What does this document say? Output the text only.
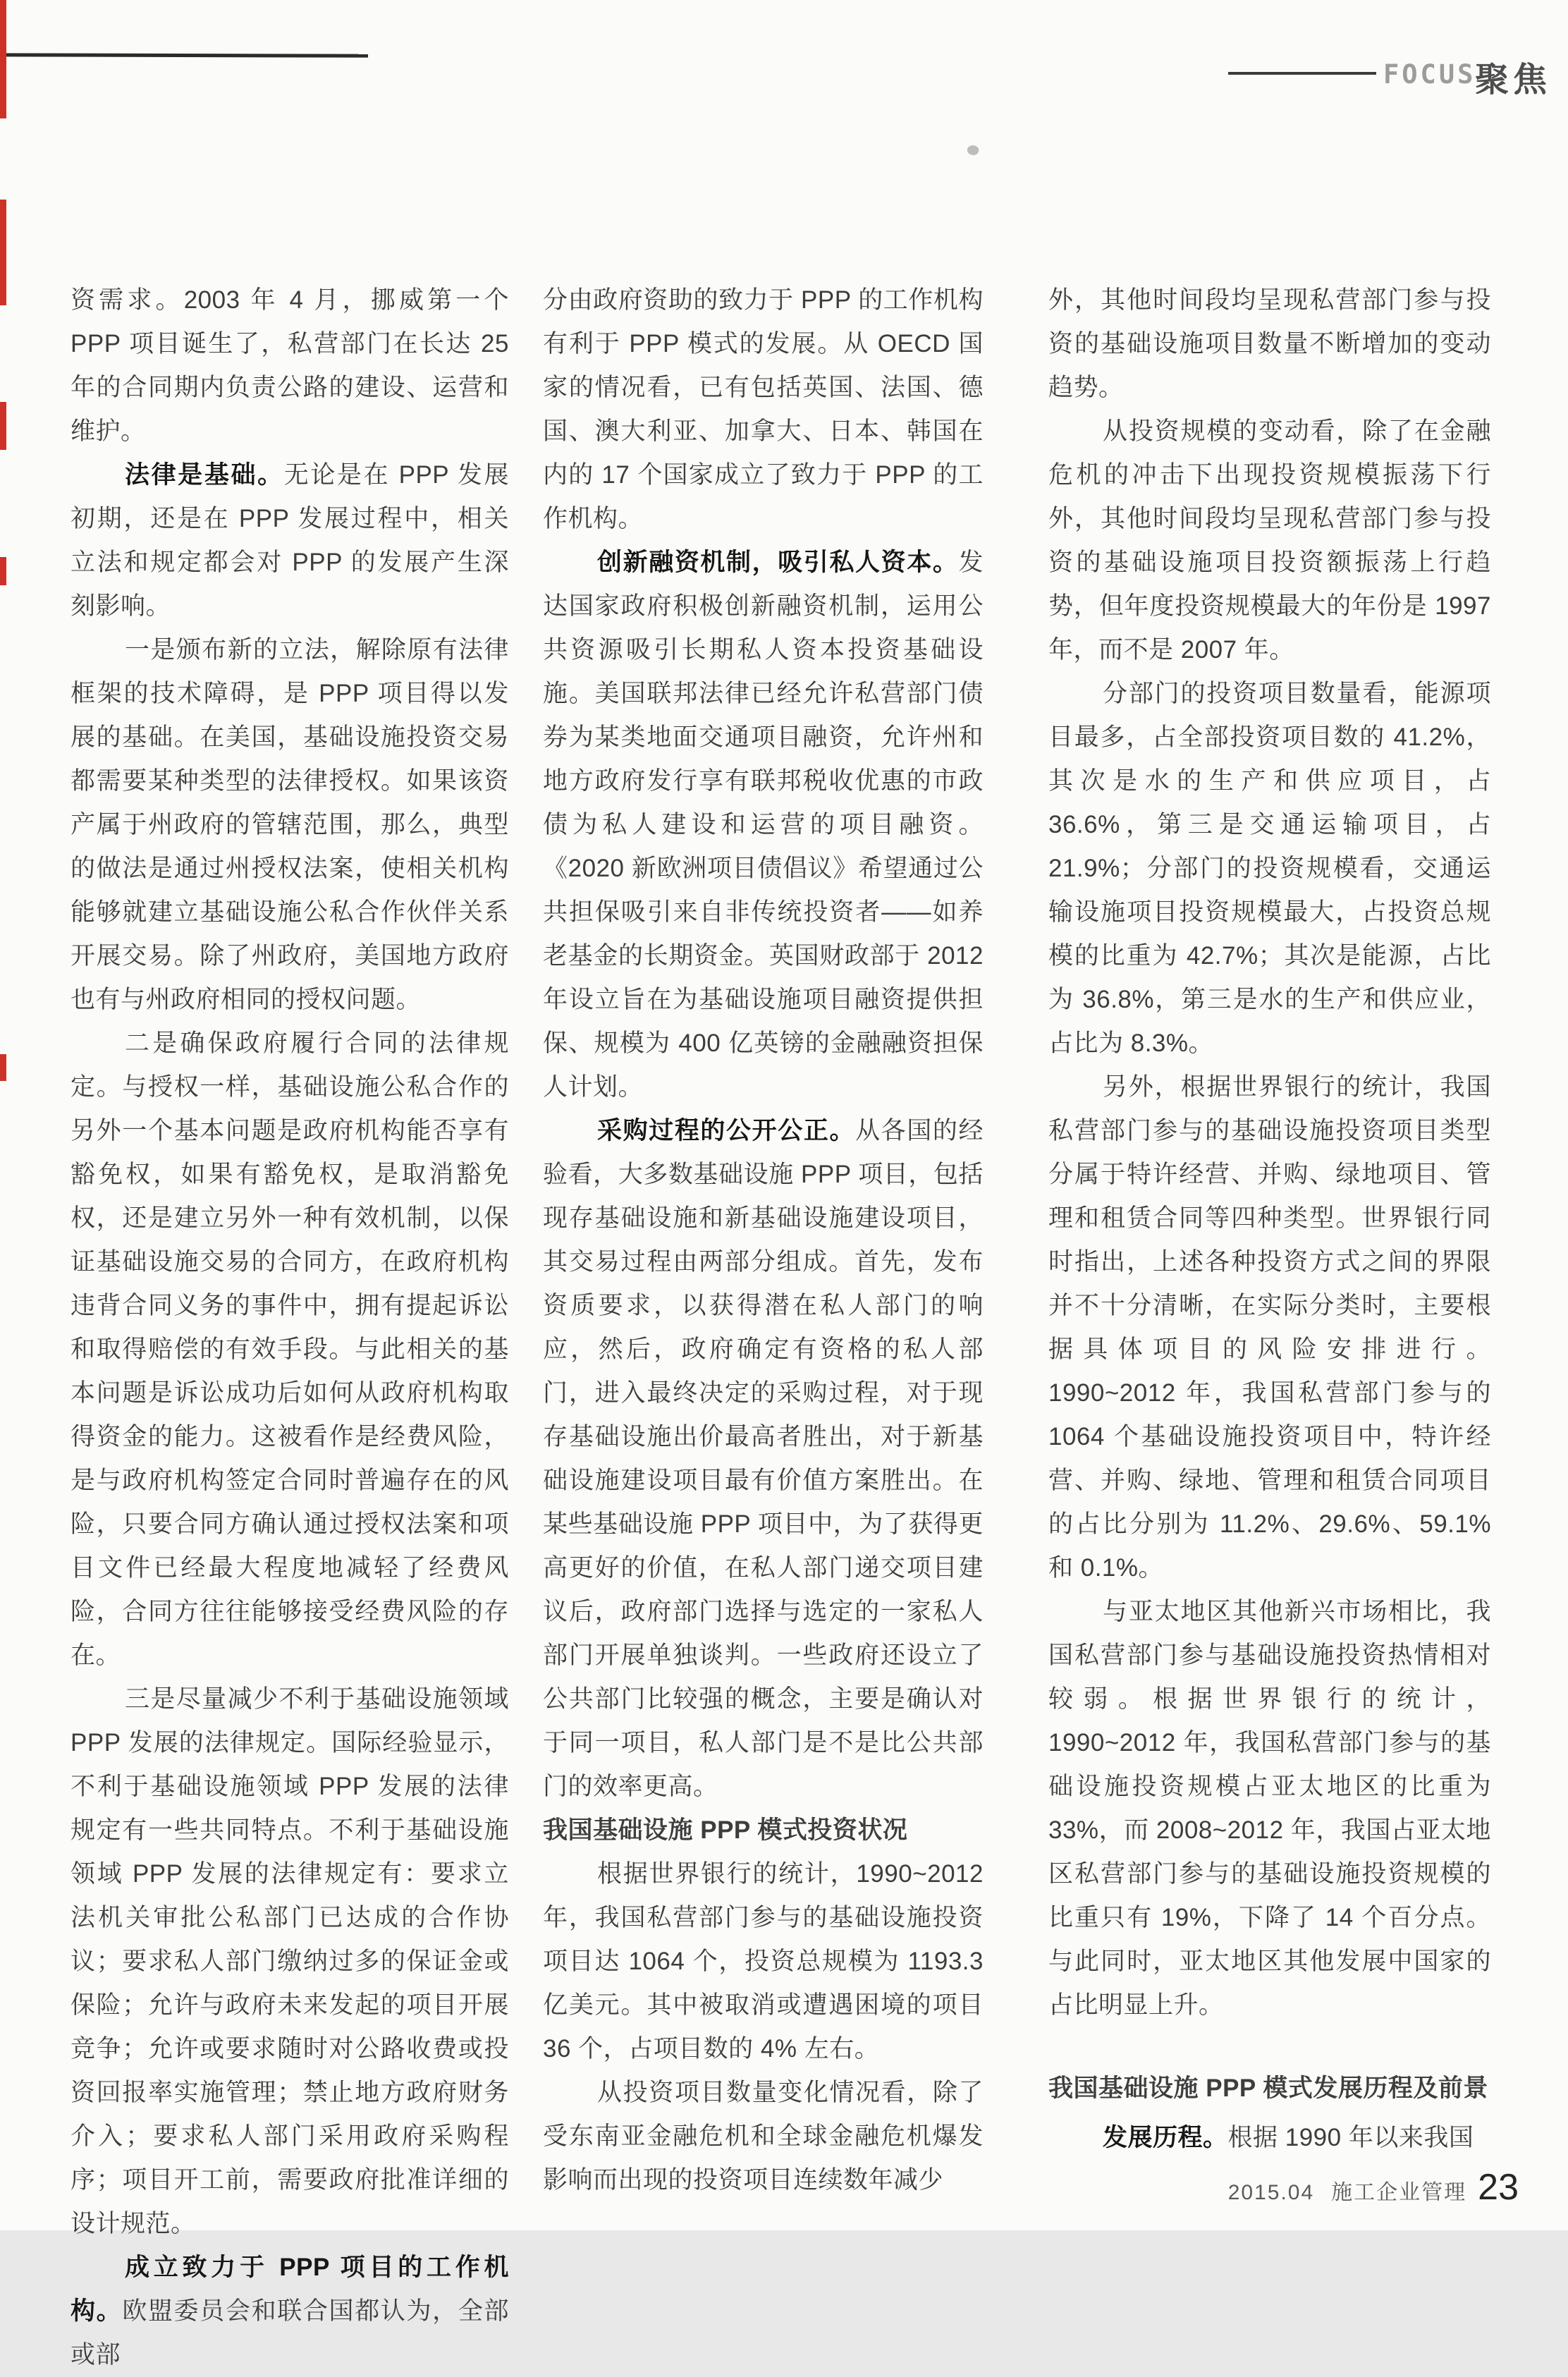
FOCUS
聚焦

资需求。2003 年 4 月，挪威第一个 PPP 项目诞生了，私营部门在长达 25 年的合同期内负责公路的建设、运营和维护。

法律是基础。无论是在 PPP 发展初期，还是在 PPP 发展过程中，相关立法和规定都会对 PPP 的发展产生深刻影响。

一是颁布新的立法，解除原有法律框架的技术障碍，是 PPP 项目得以发展的基础。在美国，基础设施投资交易都需要某种类型的法律授权。如果该资产属于州政府的管辖范围，那么，典型的做法是通过州授权法案，使相关机构能够就建立基础设施公私合作伙伴关系开展交易。除了州政府，美国地方政府也有与州政府相同的授权问题。

二是确保政府履行合同的法律规定。与授权一样，基础设施公私合作的另外一个基本问题是政府机构能否享有豁免权，如果有豁免权，是取消豁免权，还是建立另外一种有效机制，以保证基础设施交易的合同方，在政府机构违背合同义务的事件中，拥有提起诉讼和取得赔偿的有效手段。与此相关的基本问题是诉讼成功后如何从政府机构取得资金的能力。这被看作是经费风险，是与政府机构签定合同时普遍存在的风险，只要合同方确认通过授权法案和项目文件已经最大程度地减轻了经费风险，合同方往往能够接受经费风险的存在。

三是尽量减少不利于基础设施领域 PPP 发展的法律规定。国际经验显示，不利于基础设施领域 PPP 发展的法律规定有一些共同特点。不利于基础设施领域 PPP 发展的法律规定有：要求立法机关审批公私部门已达成的合作协议；要求私人部门缴纳过多的保证金或保险；允许与政府未来发起的项目开展竞争；允许或要求随时对公路收费或投资回报率实施管理；禁止地方政府财务介入；要求私人部门采用政府采购程序；项目开工前，需要政府批准详细的设计规范。

成立致力于 PPP 项目的工作机构。欧盟委员会和联合国都认为，全部或部

分由政府资助的致力于 PPP 的工作机构有利于 PPP 模式的发展。从 OECD 国家的情况看，已有包括英国、法国、德国、澳大利亚、加拿大、日本、韩国在内的 17 个国家成立了致力于 PPP 的工作机构。

创新融资机制，吸引私人资本。发达国家政府积极创新融资机制，运用公共资源吸引长期私人资本投资基础设施。美国联邦法律已经允许私营部门债券为某类地面交通项目融资，允许州和地方政府发行享有联邦税收优惠的市政债为私人建设和运营的项目融资。《2020 新欧洲项目债倡议》希望通过公共担保吸引来自非传统投资者——如养老基金的长期资金。英国财政部于 2012 年设立旨在为基础设施项目融资提供担保、规模为 400 亿英镑的金融融资担保人计划。

采购过程的公开公正。从各国的经验看，大多数基础设施 PPP 项目，包括现存基础设施和新基础设施建设项目，其交易过程由两部分组成。首先，发布资质要求，以获得潜在私人部门的响应，然后，政府确定有资格的私人部门，进入最终决定的采购过程，对于现存基础设施出价最高者胜出，对于新基础设施建设项目最有价值方案胜出。在某些基础设施 PPP 项目中，为了获得更高更好的价值，在私人部门递交项目建议后，政府部门选择与选定的一家私人部门开展单独谈判。一些政府还设立了公共部门比较强的概念，主要是确认对于同一项目，私人部门是不是比公共部门的效率更高。

我国基础设施 PPP 模式投资状况

根据世界银行的统计，1990~2012 年，我国私营部门参与的基础设施投资项目达 1064 个，投资总规模为 1193.3 亿美元。其中被取消或遭遇困境的项目 36 个，占项目数的 4% 左右。

从投资项目数量变化情况看，除了受东南亚金融危机和全球金融危机爆发影响而出现的投资项目连续数年减少

外，其他时间段均呈现私营部门参与投资的基础设施项目数量不断增加的变动趋势。

从投资规模的变动看，除了在金融危机的冲击下出现投资规模振荡下行外，其他时间段均呈现私营部门参与投资的基础设施项目投资额振荡上行趋势，但年度投资规模最大的年份是 1997 年，而不是 2007 年。

分部门的投资项目数量看，能源项目最多，占全部投资项目数的 41.2%，其次是水的生产和供应项目，占 36.6%，第三是交通运输项目，占 21.9%；分部门的投资规模看，交通运输设施项目投资规模最大，占投资总规模的比重为 42.7%；其次是能源，占比为 36.8%，第三是水的生产和供应业，占比为 8.3%。

另外，根据世界银行的统计，我国私营部门参与的基础设施投资项目类型分属于特许经营、并购、绿地项目、管理和租赁合同等四种类型。世界银行同时指出，上述各种投资方式之间的界限并不十分清晰，在实际分类时，主要根据具体项目的风险安排进行。1990~2012 年，我国私营部门参与的 1064 个基础设施投资项目中，特许经营、并购、绿地、管理和租赁合同项目的占比分别为 11.2%、29.6%、59.1% 和 0.1%。

与亚太地区其他新兴市场相比，我国私营部门参与基础设施投资热情相对较弱。根据世界银行的统计，1990~2012 年，我国私营部门参与的基础设施投资规模占亚太地区的比重为 33%，而 2008~2012 年，我国占亚太地区私营部门参与的基础设施投资规模的比重只有 19%，下降了 14 个百分点。与此同时，亚太地区其他发展中国家的占比明显上升。

我国基础设施 PPP 模式发展历程及前景

发展历程。根据 1990 年以来我国

2015.04 施工企业管理 23
